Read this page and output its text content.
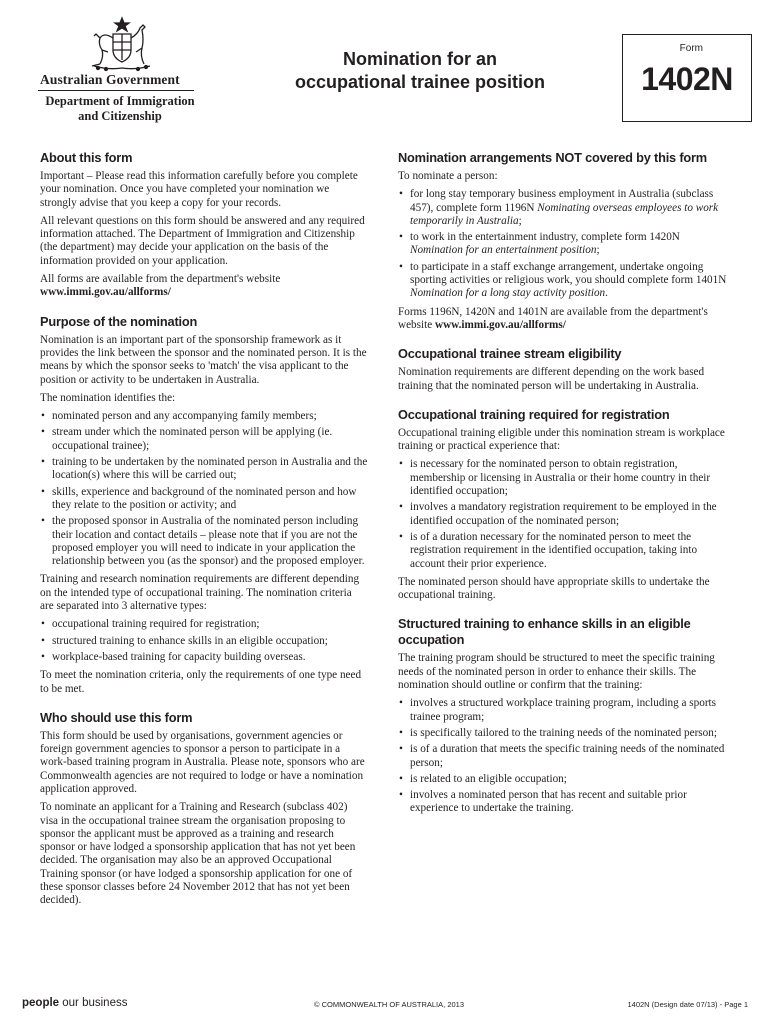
Australian Government
Department of Immigration
and Citizenship
Nomination for an
occupational trainee position
Form
1402N
About this form

Important – Please read this information carefully before you complete your nomination. Once you have completed your nomination we strongly advise that you keep a copy for your records.

All relevant questions on this form should be answered and any required information attached. The Department of Immigration and Citizenship (the department) may decide your application on the basis of the information provided on your application.

All forms are available from the department's website
www.immi.gov.au/allforms/

Purpose of the nomination

Nomination is an important part of the sponsorship framework as it provides the link between the sponsor and the nominated person. It is the means by which the sponsor seeks to 'match' the visa applicant to the position or activity to be undertaken in Australia.

The nomination identifies the:

• nominated person and any accompanying family members;
• stream under which the nominated person will be applying (ie. occupational trainee);
• training to be undertaken by the nominated person in Australia and the location(s) where this will be carried out;
• skills, experience and background of the nominated person and how they relate to the position or activity; and
• the proposed sponsor in Australia of the nominated person including their location and contact details – please note that if you are not the proposed employer you will need to indicate in your application the relationship between you (as the sponsor) and the proposed employer.

Training and research nomination requirements are different depending on the intended type of occupational training. The nomination criteria are separated into 3 alternative types:

• occupational training required for registration;
• structured training to enhance skills in an eligible occupation;
• workplace-based training for capacity building overseas.

To meet the nomination criteria, only the requirements of one type need to be met.

Who should use this form

This form should be used by organisations, government agencies or foreign government agencies to sponsor a person to participate in a work-based training program in Australia. Please note, sponsors who are Commonwealth agencies are not required to lodge or have a nomination application approved.

To nominate an applicant for a Training and Research (subclass 402) visa in the occupational trainee stream the organisation proposing to sponsor the applicant must be approved as a training and research sponsor or have lodged a sponsorship application that has not yet been decided. The organisation may also be an approved Occupational Training sponsor (or have lodged a sponsorship application for one of these sponsor classes before 24 November 2012 that has not yet been decided).

Nomination arrangements NOT covered by this form

To nominate a person:

• for long stay temporary business employment in Australia (subclass 457), complete form 1196N Nominating overseas employees to work temporarily in Australia;
• to work in the entertainment industry, complete form 1420N Nomination for an entertainment position;
• to participate in a staff exchange arrangement, undertake ongoing sporting activities or religious work, you should complete form 1401N Nomination for a long stay activity position.

Forms 1196N, 1420N and 1401N are available from the department's website www.immi.gov.au/allforms/

Occupational trainee stream eligibility

Nomination requirements are different depending on the work based training that the nominated person will be undertaking in Australia.

Occupational training required for registration

Occupational training eligible under this nomination stream is workplace training or practical experience that:

• is necessary for the nominated person to obtain registration, membership or licensing in Australia or their home country in their identified occupation;
• involves a mandatory registration requirement to be employed in the identified occupation of the nominated person;
• is of a duration necessary for the nominated person to meet the registration requirement in the identified occupation, taking into account their prior experience.

The nominated person should have appropriate skills to undertake the occupational training.

Structured training to enhance skills in an eligible occupation

The training program should be structured to meet the specific training needs of the nominated person in order to enhance their skills. The nomination should outline or confirm that the training:

• involves a structured workplace training program, including a sports trainee program;
• is specifically tailored to the training needs of the nominated person;
• is of a duration that meets the specific training needs of the nominated person;
• is related to an eligible occupation;
• involves a nominated person that has recent and suitable prior experience to undertake the training.
people our business	© COMMONWEALTH OF AUSTRALIA, 2013	1402N (Design date 07/13) - Page 1
